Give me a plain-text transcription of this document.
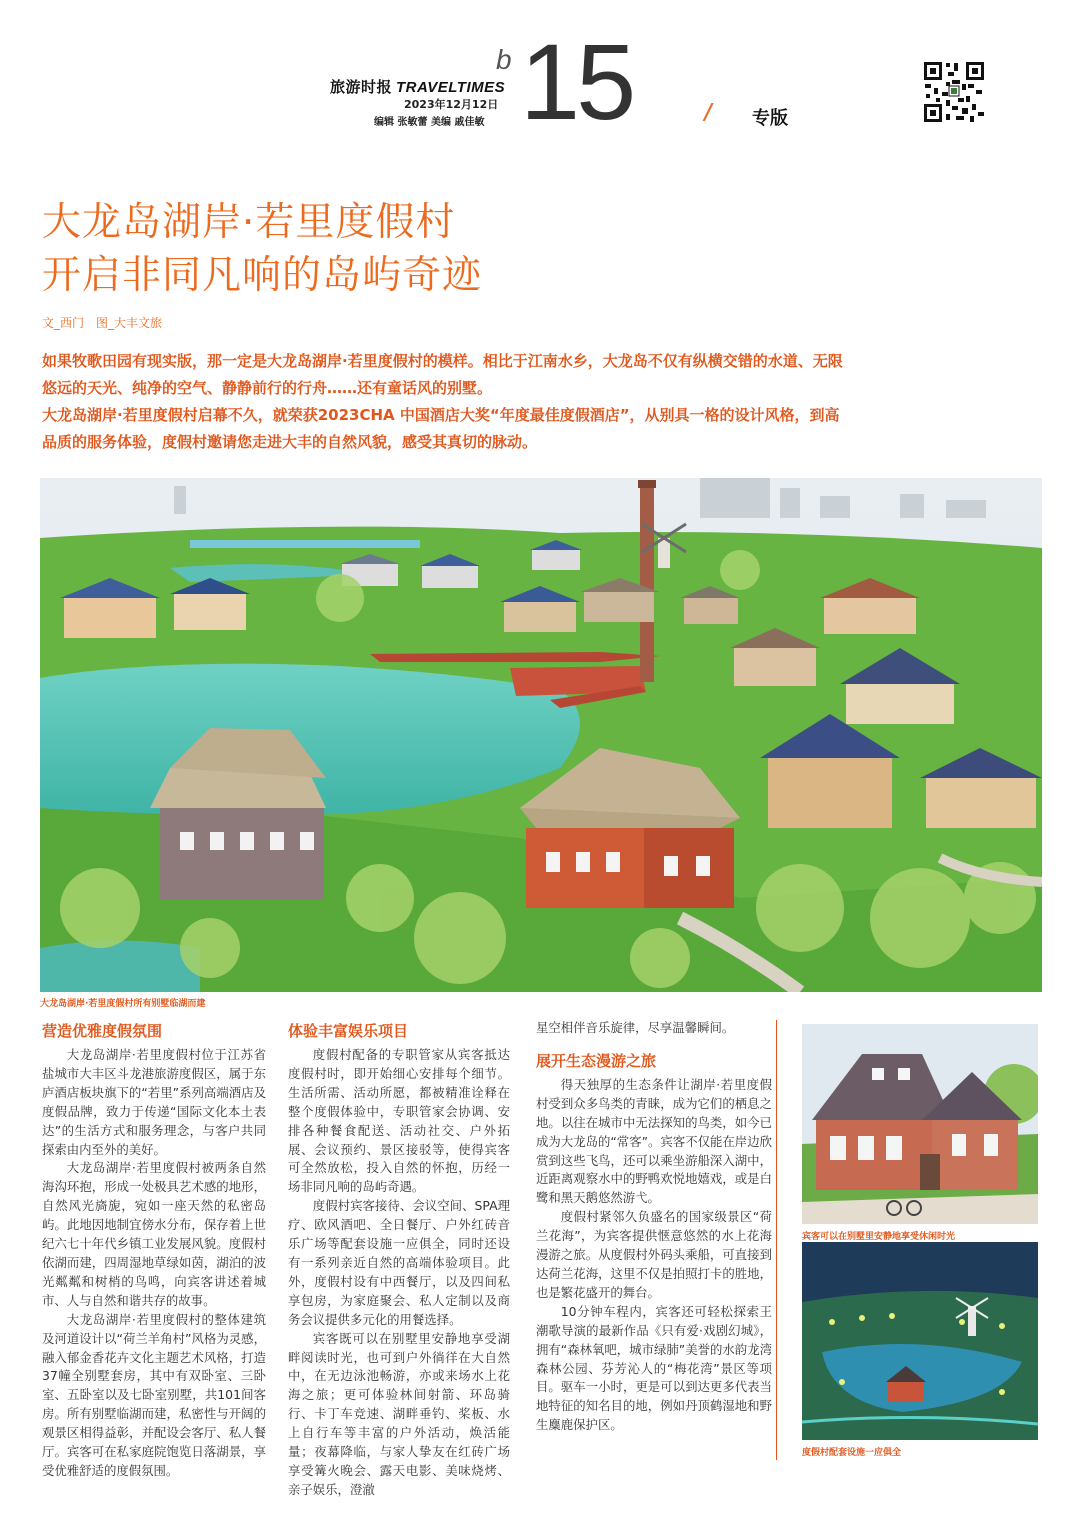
旅游时报 TRAVELTIMES
2023年12月12日
编辑 张敏蕾 美编 戚佳敏
b 15	/ 专版
大龙岛湖岸·若里度假村
开启非同凡响的岛屿奇迹
文_西门　图_大丰文旅

如果牧歌田园有现实版，那一定是大龙岛湖岸·若里度假村的模样。相比于江南水乡，大龙岛不仅有纵横交错的水道、无限悠远的天光、纯净的空气、静静前行的行舟……还有童话风的别墅。

大龙岛湖岸·若里度假村启幕不久，就荣获2023CHA 中国酒店大奖“年度最佳度假酒店”，从别具一格的设计风格，到高品质的服务体验，度假村邀请您走进大丰的自然风貌，感受其真切的脉动。

大龙岛湖岸·若里度假村所有别墅临湖而建
营造优雅度假氛围

大龙岛湖岸·若里度假村位于江苏省盐城市大丰区斗龙港旅游度假区，属于东庐酒店板块旗下的“若里”系列高端酒店及度假品牌，致力于传递“国际文化本土表达”的生活方式和服务理念，与客户共同探索由内至外的美好。

大龙岛湖岸·若里度假村被两条自然海沟环抱，形成一处极具艺术感的地形，自然风光旖旎，宛如一座天然的私密岛屿。此地因地制宜傍水分布，保存着上世纪六七十年代乡镇工业发展风貌。度假村依湖而建，四周湿地草绿如茵，湖泊的波光粼粼和树梢的鸟鸣，向宾客讲述着城市、人与自然和谐共存的故事。

大龙岛湖岸·若里度假村的整体建筑及河道设计以“荷兰羊角村”风格为灵感，融入郁金香花卉文化主题艺术风格，打造37幢全别墅套房，其中有双卧室、三卧室、五卧室以及七卧室别墅，共101间客房。所有别墅临湖而建，私密性与开阔的观景区相得益彰，并配设会客厅、私人餐厅。宾客可在私家庭院饱览日落湖景，享受优雅舒适的度假氛围。

体验丰富娱乐项目

度假村配备的专职管家从宾客抵达度假村时，即开始细心安排每个细节。生活所需、活动所愿，都被精准诠释在整个度假体验中，专职管家会协调、安排各种餐食配送、活动社交、户外拓展、会议预约、景区接驳等，使得宾客可全然放松，投入自然的怀抱，历经一场非同凡响的岛屿奇遇。

度假村宾客接待、会议空间、SPA理疗、欧风酒吧、全日餐厅、户外红砖音乐广场等配套设施一应俱全，同时还设有一系列亲近自然的高端体验项目。此外，度假村设有中西餐厅，以及四间私享包房，为家庭聚会、私人定制以及商务会议提供多元化的用餐选择。

宾客既可以在别墅里安静地享受湖畔阅读时光，也可到户外徜徉在大自然中，在无边泳池畅游，亦或来场水上花海之旅；更可体验林间射箭、环岛骑行、卡丁车竞速、湖畔垂钓、桨板、水上自行车等丰富的户外活动，焕活能量；夜幕降临，与家人挚友在红砖广场享受篝火晚会、露天电影、美味烧烤、亲子娱乐，澄澈

星空相伴音乐旋律，尽享温馨瞬间。

展开生态漫游之旅

得天独厚的生态条件让湖岸·若里度假村受到众多鸟类的青睐，成为它们的栖息之地。以往在城市中无法探知的鸟类，如今已成为大龙岛的“常客”。宾客不仅能在岸边欣赏到这些飞鸟，还可以乘坐游船深入湖中，近距离观察水中的野鸭欢悦地嬉戏，或是白鹭和黑天鹅悠然游弋。

度假村紧邻久负盛名的国家级景区“荷兰花海”，为宾客提供惬意悠然的水上花海漫游之旅。从度假村外码头乘船，可直接到达荷兰花海，这里不仅是拍照打卡的胜地，也是繁花盛开的舞台。

10分钟车程内，宾客还可轻松探索王潮歌导演的最新作品《只有爱·戏剧幻城》，拥有“森林氧吧，城市绿肺”美誉的水韵龙湾森林公园、芬芳沁人的“梅花湾”景区等项目。驱车一小时，更是可以到达更多代表当地特征的知名目的地，例如丹顶鹤湿地和野生麋鹿保护区。

宾客可以在别墅里安静地享受休闲时光
度假村配套设施一应俱全
